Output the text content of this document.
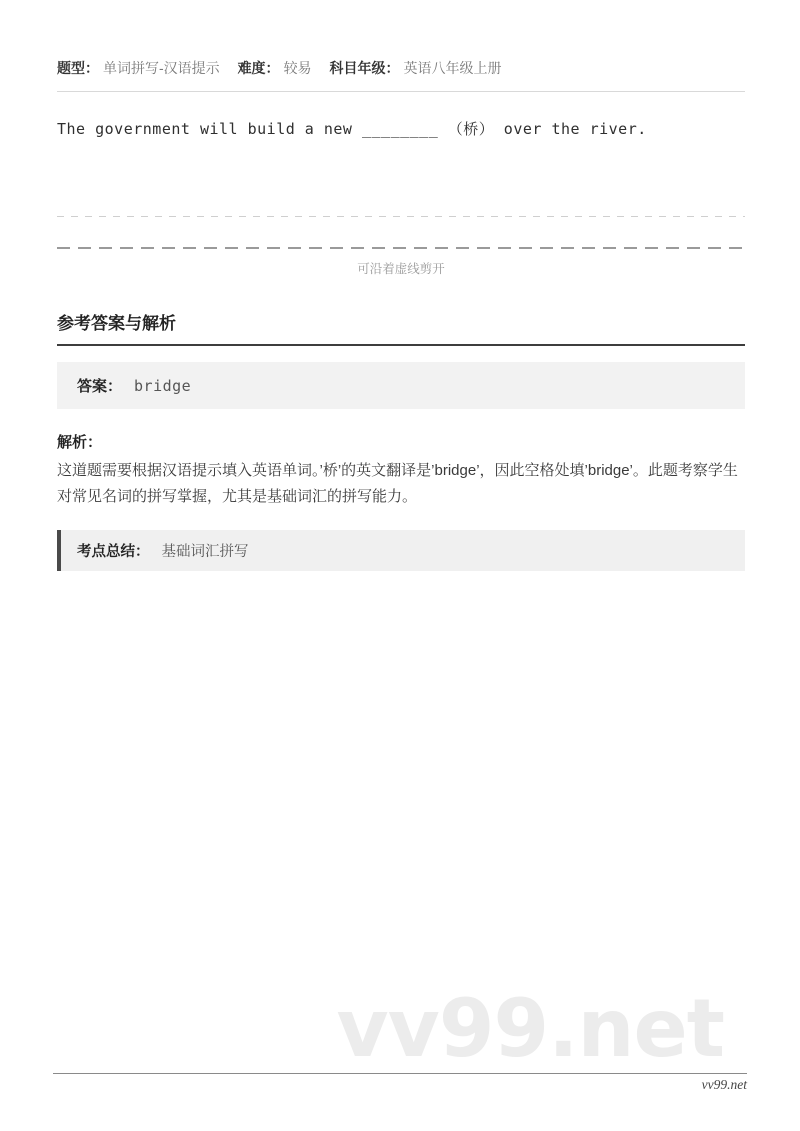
题型： 单词拼写-汉语提示 难度： 较易 科目年级： 英语八年级上册

The government will build a new ________ （桥） over the river.

可沿着虚线剪开
参考答案与解析
答案： bridge
解析：
这道题需要根据汉语提示填入英语单词。’桥’的英文翻译是’bridge’，因此空格处填’bridge’。此题考察学生对常见名词的拼写掌握，尤其是基础词汇的拼写能力。
考点总结： 基础词汇拼写
vv99.net
vv99.net
